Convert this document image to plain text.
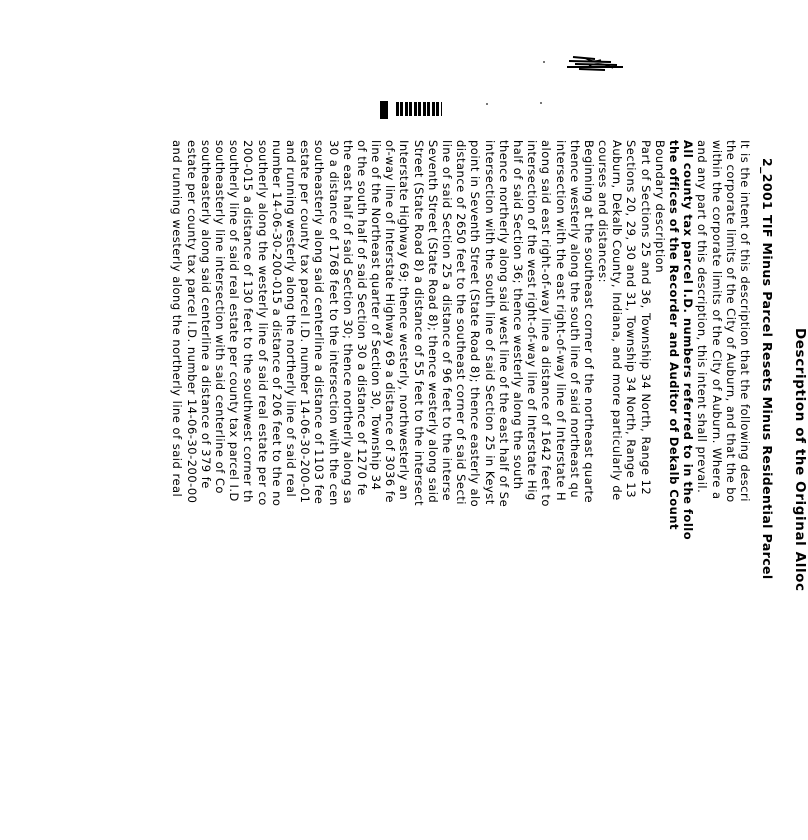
Description of the Original Alloc
2_2001 TIF Minus Parcel Resets Minus Residential Parcel
It is the intent of this description that the following descri
the corporate limits of the City of Auburn, and that the bo
within the corporate limits of the City of Auburn. Where a
and any part of this description, this intent shall prevail.
All county tax parcel I.D. numbers referred to in the follo
the offices of the Recorder and Auditor of Dekalb Count
Boundary description
Part of Sections 25 and 36, Township 34 North, Range 12
Sections 20, 29, 30 and 31, Township 34 North, Range 13
Auburn, Dekalb County, Indiana, and more particularly de
courses and distances:
Beginning at the southeast corner of the northeast quarte
thence westerly along the south line of said northeast qu
intersection with the east right-of-way line of Interstate H
along said east right-of-way line a distance of 1642 feet to
intersection of the west right-of-way line of Interstate Hig
half of said Section 36; thence westerly along the south
thence northerly along said west line of the east half of Se
intersection with the south line of said Section 25 in Keyst
point in Seventh Street (State Road 8); thence easterly alo
distance of 2650 feet to the southeast corner of said Secti
line of said Section 25 a distance of 96 feet to the interse
Seventh Street (State Road 8); thence westerly along said
Street (State Road 8) a distance of 55 feet to the intersect
Interstate Highway 69; thence westerly, northwesterly an
of-way line of Interstate Highway 69 a distance of 3036 fe
line of the Northeast quarter of Section 30, Township 34
of the south half of said Section 30 a distance of 1270 fe
the east half of said Section 30; thence northerly along sa
30 a distance of 1768 feet to the intersection with the cen
southeasterly along said centerline a distance of 1103 fee
estate per county tax parcel I.D. number 14-06-30-200-01
and running westerly along the northerly line of said real
number 14-06-30-200-015 a distance of 206 feet to the no
southerly along the westerly line of said real estate per co
200-015 a distance of 130 feet to the southwest corner th
southerly line of said real estate per county tax parcel I.D
southeasterly line intersection with said centerline of Co
southeasterly along said centerline a distance of 379 fe
estate per county tax parcel I.D. number 14-06-30-200-00
and running westerly along the northerly line of said real
